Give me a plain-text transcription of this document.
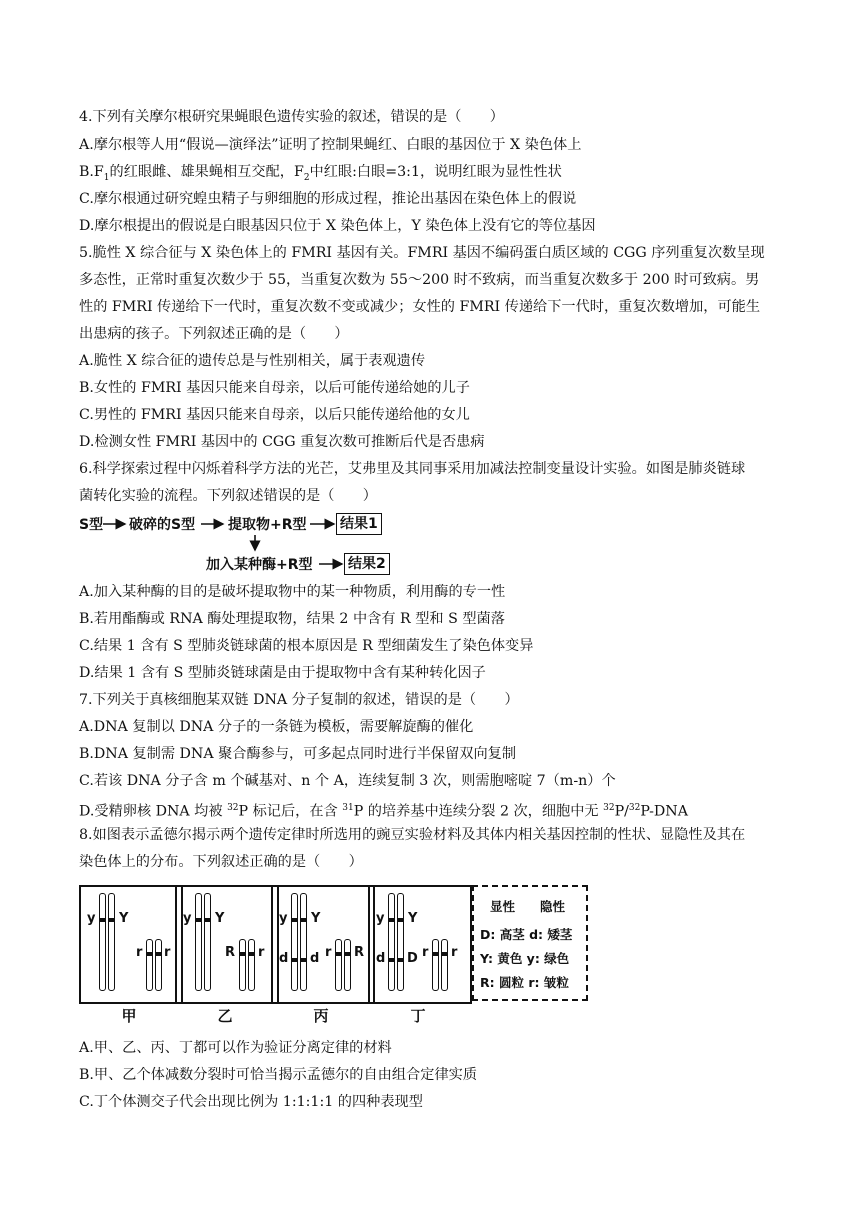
4.下列有关摩尔根研究果蝇眼色遗传实验的叙述，错误的是（　　）
A.摩尔根等人用“假说—演绎法”证明了控制果蝇红、白眼的基因位于 X 染色体上
$B.F_1$的红眼雌、雄果蝇相互交配，$F_2$中红眼:白眼=3:1，说明红眼为显性性状
C.摩尔根通过研究蝗虫精子与卵细胞的形成过程，推论出基因在染色体上的假说
D.摩尔根提出的假说是白眼基因只位于 X 染色体上，Y 染色体上没有它的等位基因
5.脆性 X 综合征与 X 染色体上的 FMRI 基因有关。FMRI 基因不编码蛋白质区域的 CGG 序列重复次数呈现
多态性，正常时重复次数少于 55，当重复次数为 55～200 时不致病，而当重复次数多于 200 时可致病。男
性的 FMRI 传递给下一代时，重复次数不变或减少；女性的 FMRI 传递给下一代时，重复次数增加，可能生
出患病的孩子。下列叙述正确的是（　　）
A.脆性 X 综合征的遗传总是与性别相关，属于表观遗传
B.女性的 FMRI 基因只能来自母亲，以后可能传递给她的儿子
C.男性的 FMRI 基因只能来自母亲，以后只能传递给他的女儿
D.检测女性 FMRI 基因中的 CGG 重复次数可推断后代是否患病
6.科学探索过程中闪烁着科学方法的光芒，艾弗里及其同事采用加减法控制变量设计实验。如图是肺炎链球
菌转化实验的流程。下列叙述错误的是（　　）
S型 破碎的S型 提取物+R型 结果1
加入某种酶+R型	结果2
A.加入某种酶的目的是破坏提取物中的某一种物质，利用酶的专一性
B.若用酯酶或 RNA 酶处理提取物，结果 2 中含有 R 型和 S 型菌落
C.结果 1 含有 S 型肺炎链球菌的根本原因是 R 型细菌发生了染色体变异
D.结果 1 含有 S 型肺炎链球菌是由于提取物中含有某种转化因子
7.下列关于真核细胞某双链 DNA 分子复制的叙述，错误的是（　　）
A.DNA 复制以 DNA 分子的一条链为模板，需要解旋酶的催化
B.DNA 复制需 DNA 聚合酶参与，可多起点同时进行半保留双向复制
C.若该 DNA 分子含 m 个碱基对、n 个 A，连续复制 3 次，则需胞嘧啶 7（m-n）个
D.受精卵核 DNA 均被 $^{32}$P 标记后，在含 $^{31}$P 的培养基中连续分裂 2 次，细胞中无 $^{32}$P/$^{32}$P-DNA
8.如图表示孟德尔揭示两个遗传定律时所选用的豌豆实验材料及其体内相关基因控制的性状、显隐性及其在
染色体上的分布。下列叙述正确的是（　　）
y Y
r r
甲
y Y
R r
乙
y Y
d d r R
丙
y Y
d D r r
丁
显性 隐性
D: 高茎 d: 矮茎
Y: 黄色 y: 绿色
R: 圆粒 r: 皱粒
A.甲、乙、丙、丁都可以作为验证分离定律的材料
B.甲、乙个体减数分裂时可恰当揭示孟德尔的自由组合定律实质
C.丁个体测交子代会出现比例为 1:1:1:1 的四种表现型
